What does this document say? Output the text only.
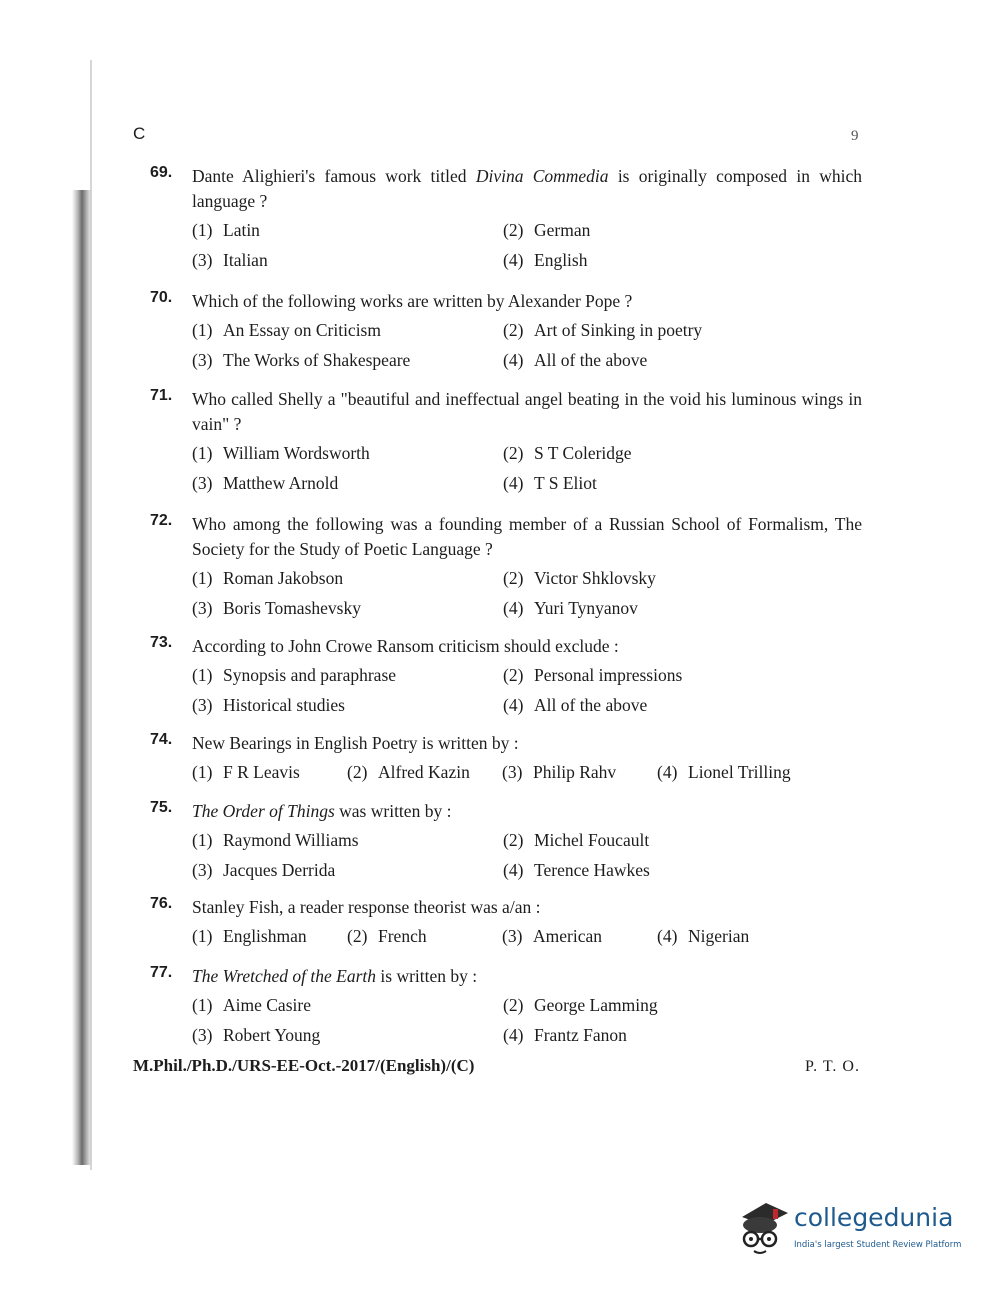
C	9
69.	Dante Alighieri's famous work titled Divina Commedia is originally composed in which language ?
(1) Latin	(2) German
(3) Italian	(4) English
70.	Which of the following works are written by Alexander Pope ?
(1) An Essay on Criticism	(2) Art of Sinking in poetry
(3) The Works of Shakespeare	(4) All of the above
71.	Who called Shelly a "beautiful and ineffectual angel beating in the void his luminous wings in vain" ?
(1) William Wordsworth	(2) S T Coleridge
(3) Matthew Arnold	(4) T S Eliot
72.	Who among the following was a founding member of a Russian School of Formalism, The Society for the Study of Poetic Language ?
(1) Roman Jakobson	(2) Victor Shklovsky
(3) Boris Tomashevsky	(4) Yuri Tynyanov
73.	According to John Crowe Ransom criticism should exclude :
(1) Synopsis and paraphrase	(2) Personal impressions
(3) Historical studies	(4) All of the above
74.	New Bearings in English Poetry is written by :
(1) F R Leavis	(2) Alfred Kazin	(3) Philip Rahv	(4) Lionel Trilling
75.	The Order of Things was written by :
(1) Raymond Williams	(2) Michel Foucault
(3) Jacques Derrida	(4) Terence Hawkes
76.	Stanley Fish, a reader response theorist was a/an :
(1) Englishman	(2) French	(3) American	(4) Nigerian
77.	The Wretched of the Earth is written by :
(1) Aime Casire	(2) George Lamming
(3) Robert Young	(4) Frantz Fanon
M.Phil./Ph.D./URS-EE-Oct.-2017/(English)/(C)	P. T. O.
collegedunia
India's largest Student Review Platform
